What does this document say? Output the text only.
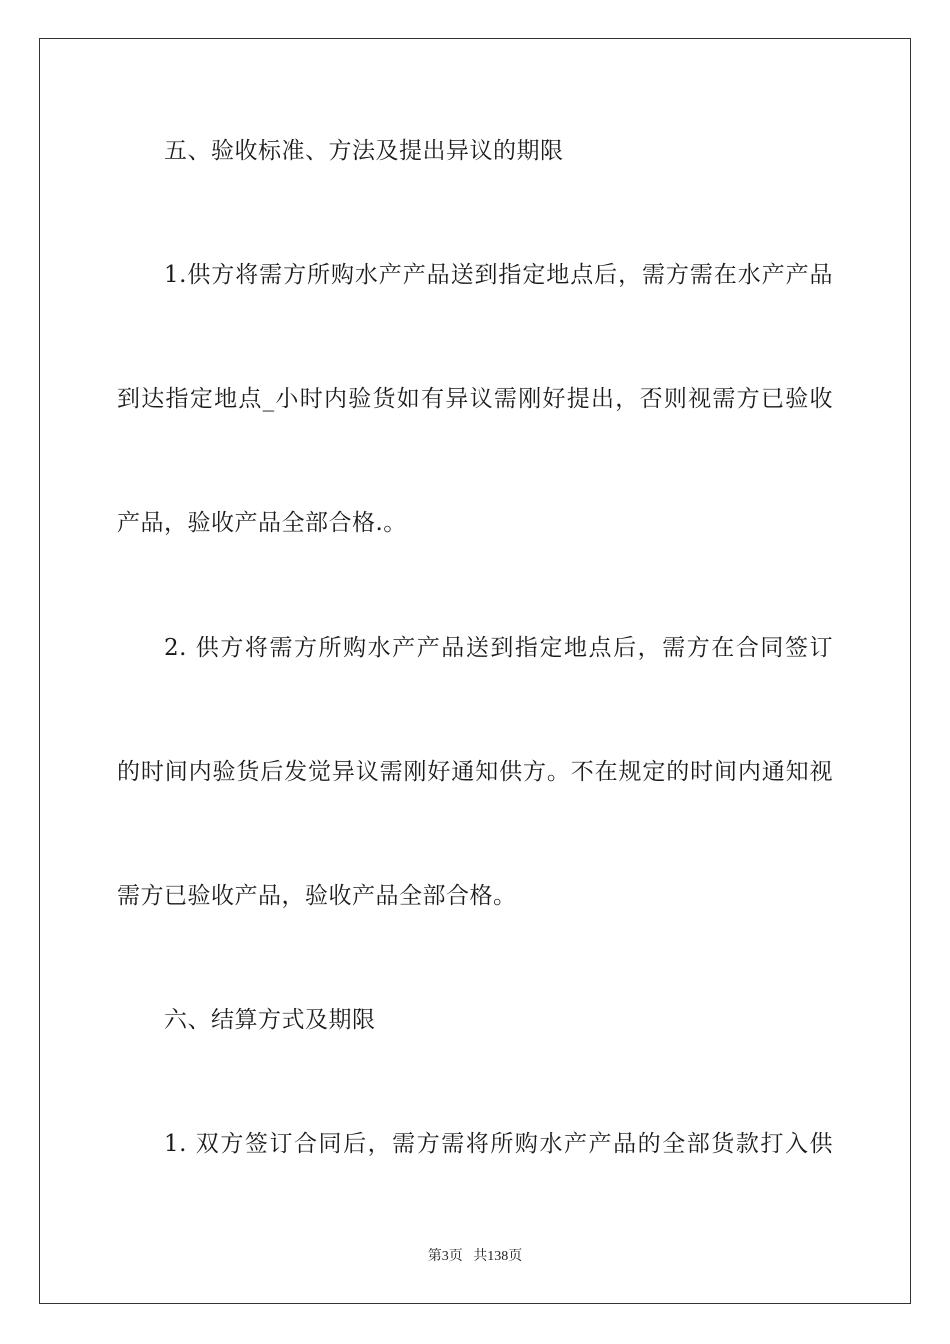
五、验收标准、方法及提出异议的期限
1.供方将需方所购水产产品送到指定地点后，需方需在水产产品
到达指定地点_小时内验货如有异议需刚好提出，否则视需方已验收
产品，验收产品全部合格.。
2. 供方将需方所购水产产品送到指定地点后，需方在合同签订
的时间内验货后发觉异议需刚好通知供方。不在规定的时间内通知视
需方已验收产品，验收产品全部合格。
六、结算方式及期限
1. 双方签订合同后，需方需将所购水产产品的全部货款打入供
第3页 共138页
